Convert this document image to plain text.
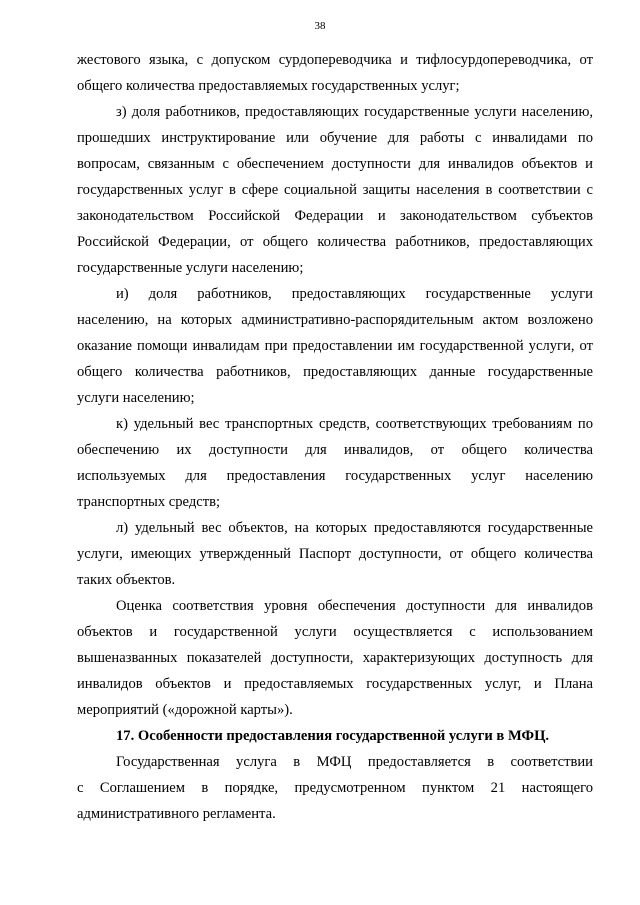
38
жестового языка, с допуском сурдопереводчика и тифлосурдопереводчика, от
общего количества предоставляемых государственных услуг;
з) доля работников, предоставляющих государственные услуги населению,
прошедших инструктирование или обучение для работы с инвалидами по
вопросам, связанным с обеспечением доступности для инвалидов объектов и
государственных услуг в сфере социальной защиты населения в соответствии с
законодательством Российской Федерации и законодательством субъектов
Российской Федерации, от общего количества работников, предоставляющих
государственные услуги населению;
и) доля работников, предоставляющих государственные услуги
населению, на которых административно-распорядительным актом возложено
оказание помощи инвалидам при предоставлении им государственной услуги, от
общего количества работников, предоставляющих данные государственные
услуги населению;
к) удельный вес транспортных средств, соответствующих требованиям по
обеспечению их доступности для инвалидов, от общего количества
используемых для предоставления государственных услуг населению
транспортных средств;
л) удельный вес объектов, на которых предоставляются государственные
услуги, имеющих утвержденный Паспорт доступности, от общего количества
таких объектов.
Оценка соответствия уровня обеспечения доступности для инвалидов
объектов и государственной услуги осуществляется с использованием
вышеназванных показателей доступности, характеризующих доступность для
инвалидов объектов и предоставляемых государственных услуг, и Плана
мероприятий («дорожной карты»).
17. Особенности предоставления государственной услуги в МФЦ.
Государственная услуга в МФЦ предоставляется в соответствии
с Соглашением в порядке, предусмотренном пунктом 21 настоящего
административного регламента.
